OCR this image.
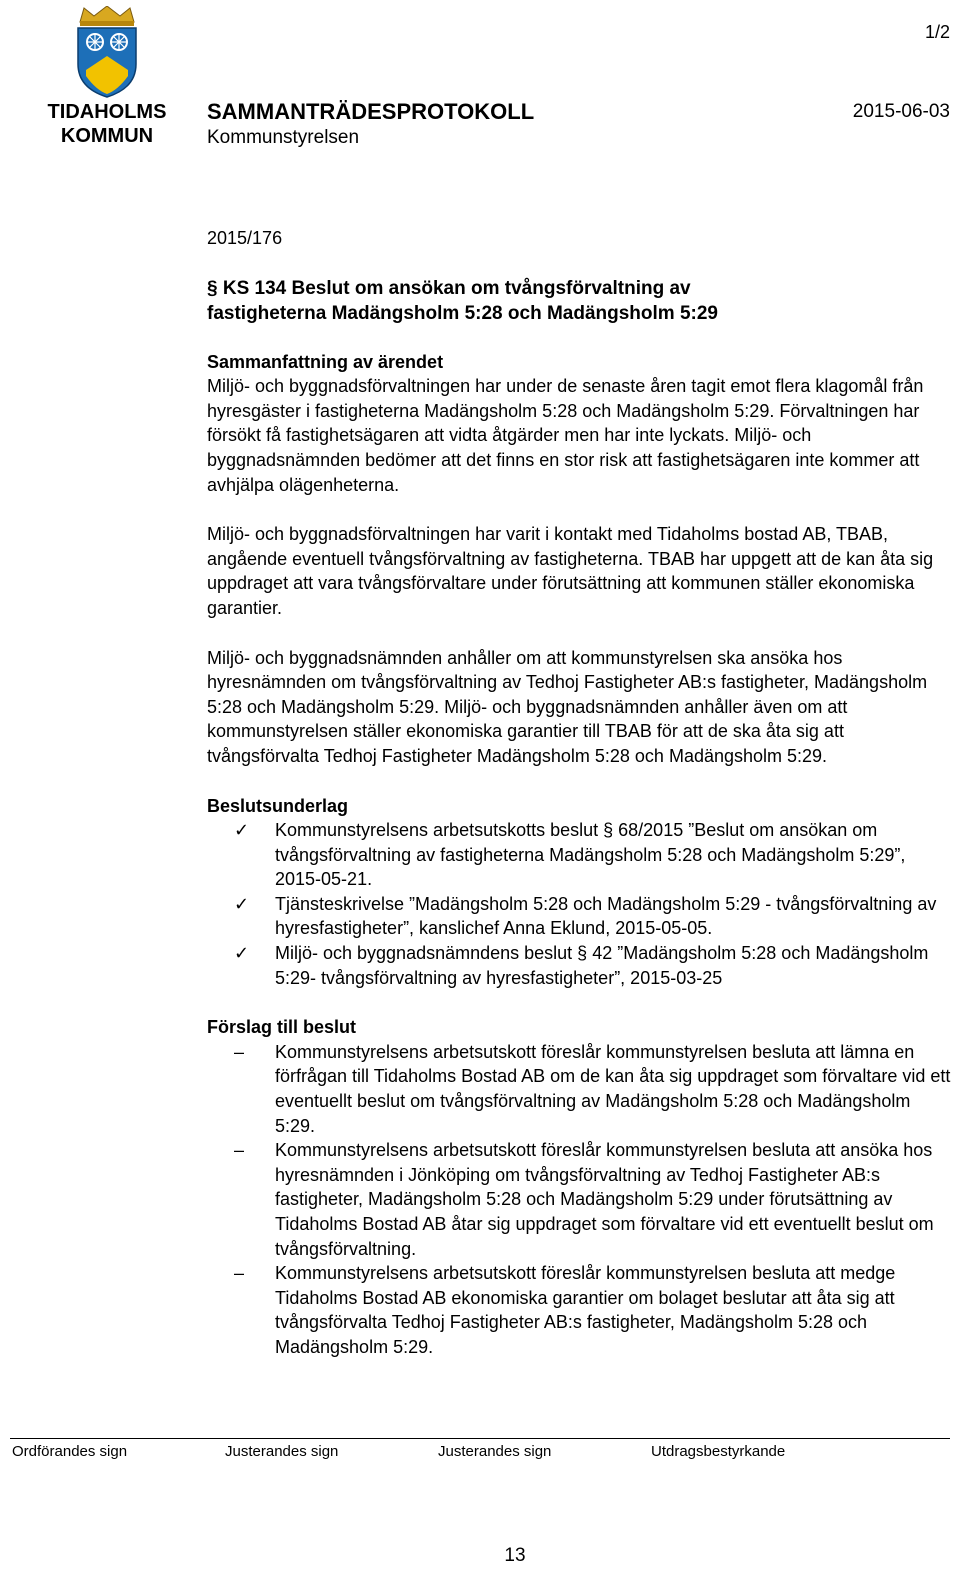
TIDAHOLMS
KOMMUN
1/2
SAMMANTRÄDESPROTOKOLL	2015-06-03
Kommunstyrelsen

2015/176

§ KS 134 Beslut om ansökan om tvångsförvaltning av
fastigheterna Madängsholm 5:28 och Madängsholm 5:29

Sammanfattning av ärendet

Miljö- och byggnadsförvaltningen har under de senaste åren tagit emot flera klagomål från hyresgäster i fastigheterna Madängsholm 5:28 och Madängsholm 5:29. Förvaltningen har försökt få fastighetsägaren att vidta åtgärder men har inte lyckats. Miljö- och byggnadsnämnden bedömer att det finns en stor risk att fastighetsägaren inte kommer att avhjälpa olägenheterna.

Miljö- och byggnadsförvaltningen har varit i kontakt med Tidaholms bostad AB, TBAB, angående eventuell tvångsförvaltning av fastigheterna. TBAB har uppgett att de kan åta sig uppdraget att vara tvångsförvaltare under förutsättning att kommunen ställer ekonomiska garantier.

Miljö- och byggnadsnämnden anhåller om att kommunstyrelsen ska ansöka hos hyresnämnden om tvångsförvaltning av Tedhoj Fastigheter AB:s fastigheter, Madängsholm 5:28 och Madängsholm 5:29. Miljö- och byggnadsnämnden anhåller även om att kommunstyrelsen ställer ekonomiska garantier till TBAB för att de ska åta sig att tvångsförvalta Tedhoj Fastigheter Madängsholm 5:28 och Madängsholm 5:29.

Beslutsunderlag

✓	Kommunstyrelsens arbetsutskotts beslut § 68/2015 ”Beslut om ansökan om tvångsförvaltning av fastigheterna Madängsholm 5:28 och Madängsholm 5:29”, 2015-05-21.
✓	Tjänsteskrivelse ”Madängsholm 5:28 och Madängsholm 5:29 - tvångsförvaltning av hyresfastigheter”, kanslichef Anna Eklund, 2015-05-05.
✓	Miljö- och byggnadsnämndens beslut § 42 ”Madängsholm 5:28 och Madängsholm 5:29- tvångsförvaltning av hyresfastigheter”, 2015-03-25

Förslag till beslut

–	Kommunstyrelsens arbetsutskott föreslår kommunstyrelsen besluta att lämna en förfrågan till Tidaholms Bostad AB om de kan åta sig uppdraget som förvaltare vid ett eventuellt beslut om tvångsförvaltning av Madängsholm 5:28 och Madängsholm 5:29.
–	Kommunstyrelsens arbetsutskott föreslår kommunstyrelsen besluta att ansöka hos hyresnämnden i Jönköping om tvångsförvaltning av Tedhoj Fastigheter AB:s fastigheter, Madängsholm 5:28 och Madängsholm 5:29 under förutsättning av Tidaholms Bostad AB åtar sig uppdraget som förvaltare vid ett eventuellt beslut om tvångsförvaltning.
–	Kommunstyrelsens arbetsutskott föreslår kommunstyrelsen besluta att medge Tidaholms Bostad AB ekonomiska garantier om bolaget beslutar att åta sig att tvångsförvalta Tedhoj Fastigheter AB:s fastigheter, Madängsholm 5:28 och Madängsholm 5:29.
Ordförandes sign	Justerandes sign	Justerandes sign	Utdragsbestyrkande
13
